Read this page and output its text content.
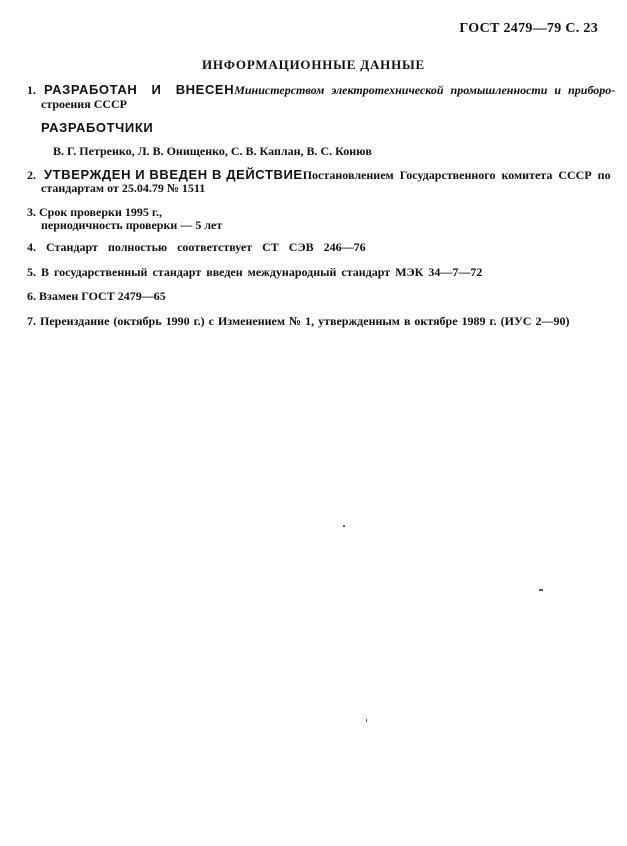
ГОСТ 2479—79 С. 23
ИНФОРМАЦИОННЫЕ ДАННЫЕ
1. РАЗРАБОТАН И ВНЕСЕН Министерством электротехнической промышленности и приборо-
строения СССР
РАЗРАБОТЧИКИ
В. Г. Петренко, Л. В. Онищенко, С. В. Каплан, В. С. Конюв
2. УТВЕРЖДЕН И ВВЕДЕН В ДЕЙСТВИЕ Постановлением Государственного комитета СССР по
стандартам от 25.04.79 № 1511
3. Срок проверки 1995 г.,
периодичность проверки — 5 лет
4. Стандарт полностью соответствует СТ СЭВ 246—76
5. В государственный стандарт введен международный стандарт МЭК 34—7—72
6. Взамен ГОСТ 2479—65
7. Переиздание (октябрь 1990 г.) с Изменением № 1, утвержденным в октябре 1989 г. (ИУС 2—90)
